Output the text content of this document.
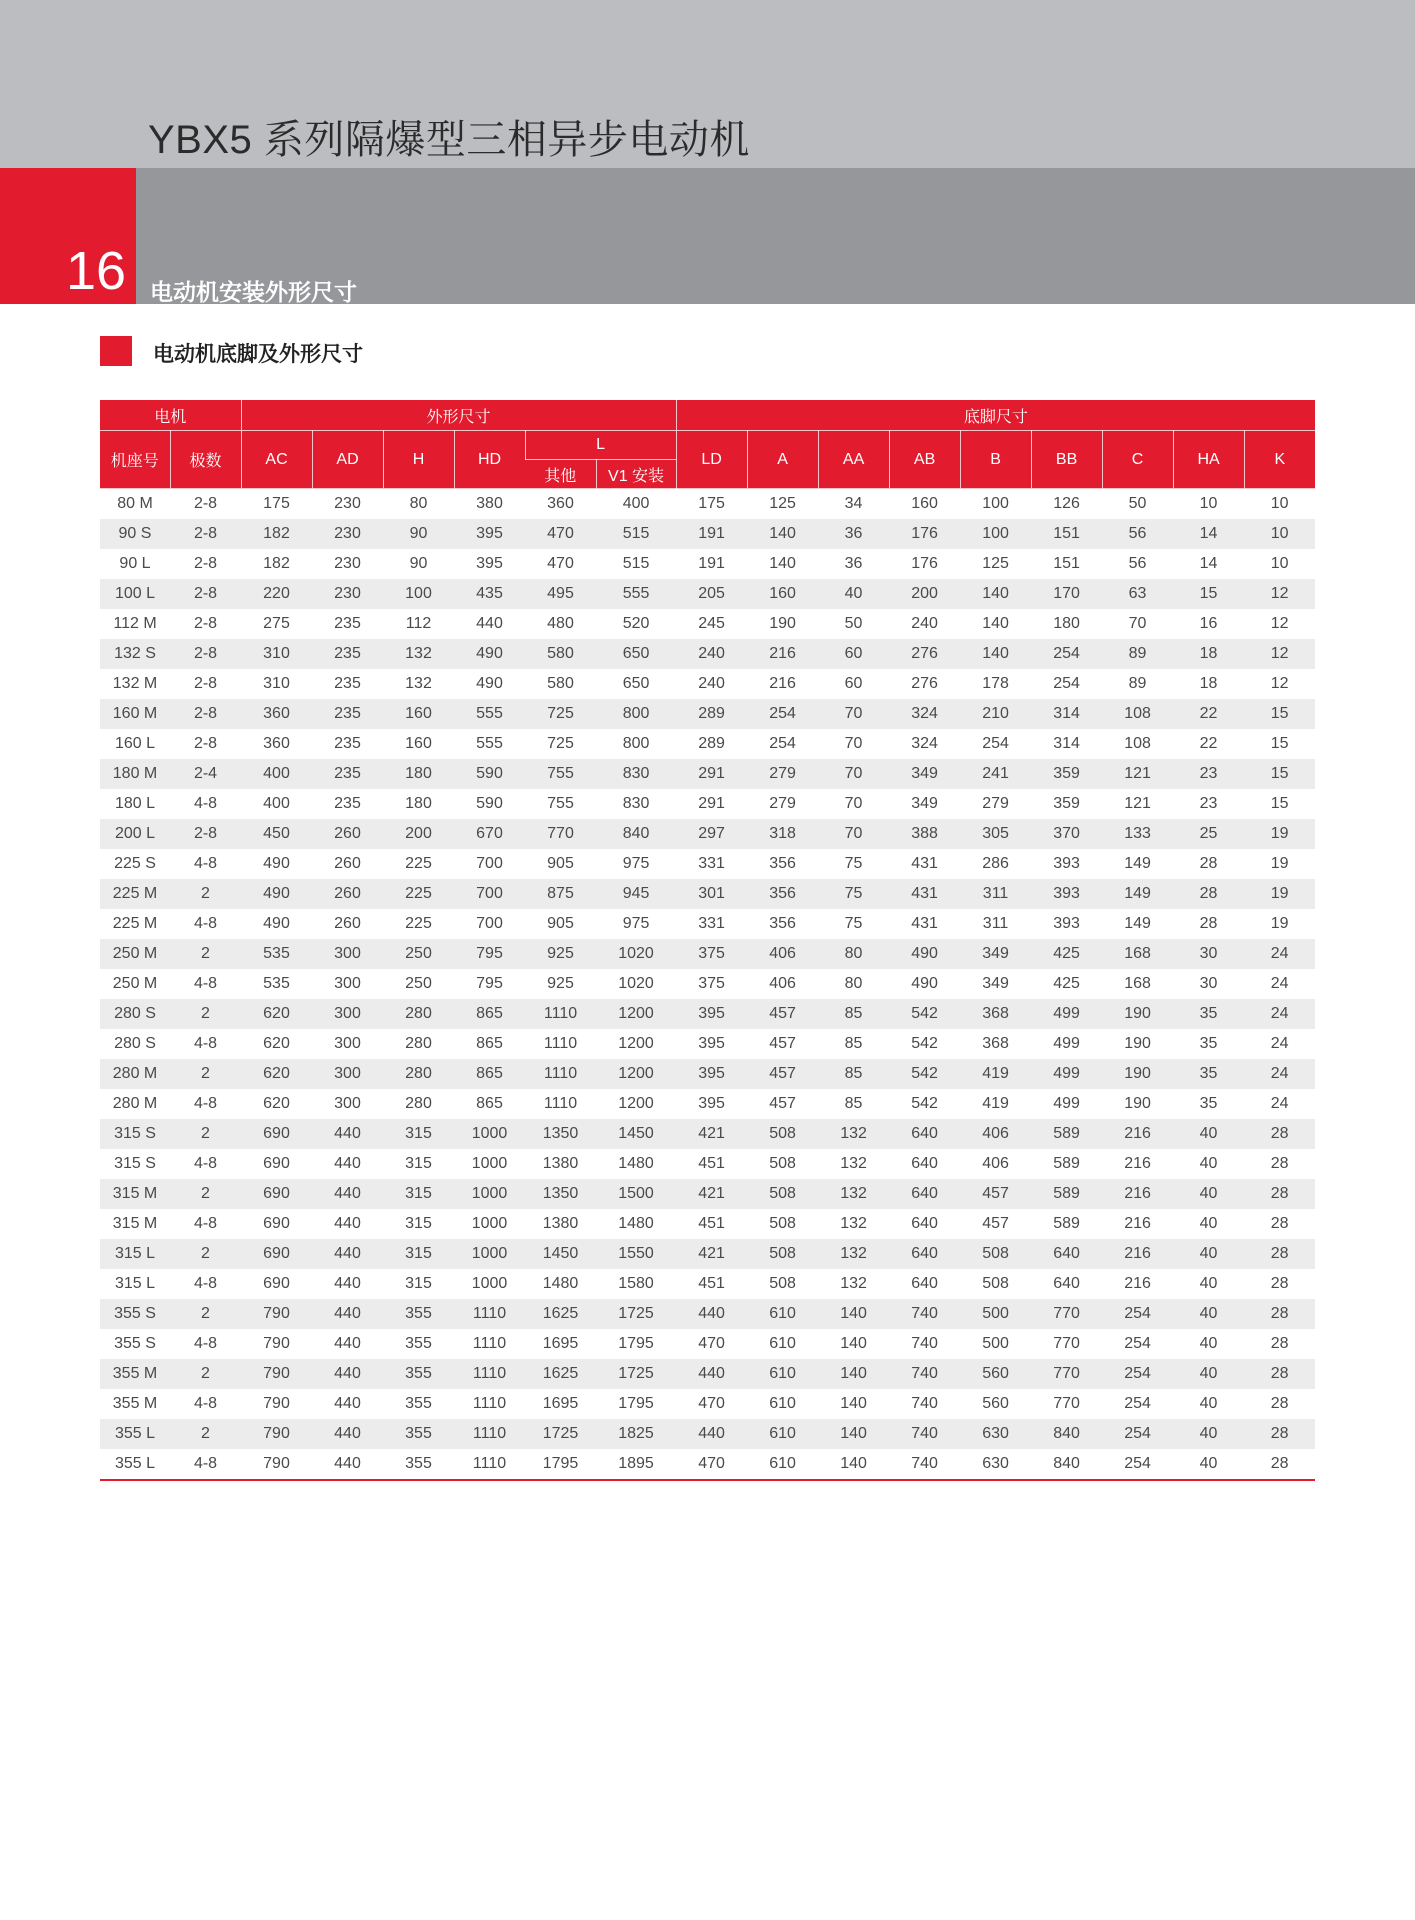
YBX5 系列隔爆型三相异步电动机
16 电动机安装外形尺寸
电动机底脚及外形尺寸
电机		外形尺寸						底脚尺寸								
机座号	极数	AC	AD	H	HD	L		LD	A	AA	AB	B	BB	C	HA	K
						其他	V1 安装									
80 M	2-8	175	230	80	380	360	400	175	125	34	160	100	126	50	10	10
90 S	2-8	182	230	90	395	470	515	191	140	36	176	100	151	56	14	10
90 L	2-8	182	230	90	395	470	515	191	140	36	176	125	151	56	14	10
100 L	2-8	220	230	100	435	495	555	205	160	40	200	140	170	63	15	12
112 M	2-8	275	235	112	440	480	520	245	190	50	240	140	180	70	16	12
132 S	2-8	310	235	132	490	580	650	240	216	60	276	140	254	89	18	12
132 M	2-8	310	235	132	490	580	650	240	216	60	276	178	254	89	18	12
160 M	2-8	360	235	160	555	725	800	289	254	70	324	210	314	108	22	15
160 L	2-8	360	235	160	555	725	800	289	254	70	324	254	314	108	22	15
180 M	2-4	400	235	180	590	755	830	291	279	70	349	241	359	121	23	15
180 L	4-8	400	235	180	590	755	830	291	279	70	349	279	359	121	23	15
200 L	2-8	450	260	200	670	770	840	297	318	70	388	305	370	133	25	19
225 S	4-8	490	260	225	700	905	975	331	356	75	431	286	393	149	28	19
225 M	2	490	260	225	700	875	945	301	356	75	431	311	393	149	28	19
225 M	4-8	490	260	225	700	905	975	331	356	75	431	311	393	149	28	19
250 M	2	535	300	250	795	925	1020	375	406	80	490	349	425	168	30	24
250 M	4-8	535	300	250	795	925	1020	375	406	80	490	349	425	168	30	24
280 S	2	620	300	280	865	1110	1200	395	457	85	542	368	499	190	35	24
280 S	4-8	620	300	280	865	1110	1200	395	457	85	542	368	499	190	35	24
280 M	2	620	300	280	865	1110	1200	395	457	85	542	419	499	190	35	24
280 M	4-8	620	300	280	865	1110	1200	395	457	85	542	419	499	190	35	24
315 S	2	690	440	315	1000	1350	1450	421	508	132	640	406	589	216	40	28
315 S	4-8	690	440	315	1000	1380	1480	451	508	132	640	406	589	216	40	28
315 M	2	690	440	315	1000	1350	1500	421	508	132	640	457	589	216	40	28
315 M	4-8	690	440	315	1000	1380	1480	451	508	132	640	457	589	216	40	28
315 L	2	690	440	315	1000	1450	1550	421	508	132	640	508	640	216	40	28
315 L	4-8	690	440	315	1000	1480	1580	451	508	132	640	508	640	216	40	28
355 S	2	790	440	355	1110	1625	1725	440	610	140	740	500	770	254	40	28
355 S	4-8	790	440	355	1110	1695	1795	470	610	140	740	500	770	254	40	28
355 M	2	790	440	355	1110	1625	1725	440	610	140	740	560	770	254	40	28
355 M	4-8	790	440	355	1110	1695	1795	470	610	140	740	560	770	254	40	28
355 L	2	790	440	355	1110	1725	1825	440	610	140	740	630	840	254	40	28
355 L	4-8	790	440	355	1110	1795	1895	470	610	140	740	630	840	254	40	28
